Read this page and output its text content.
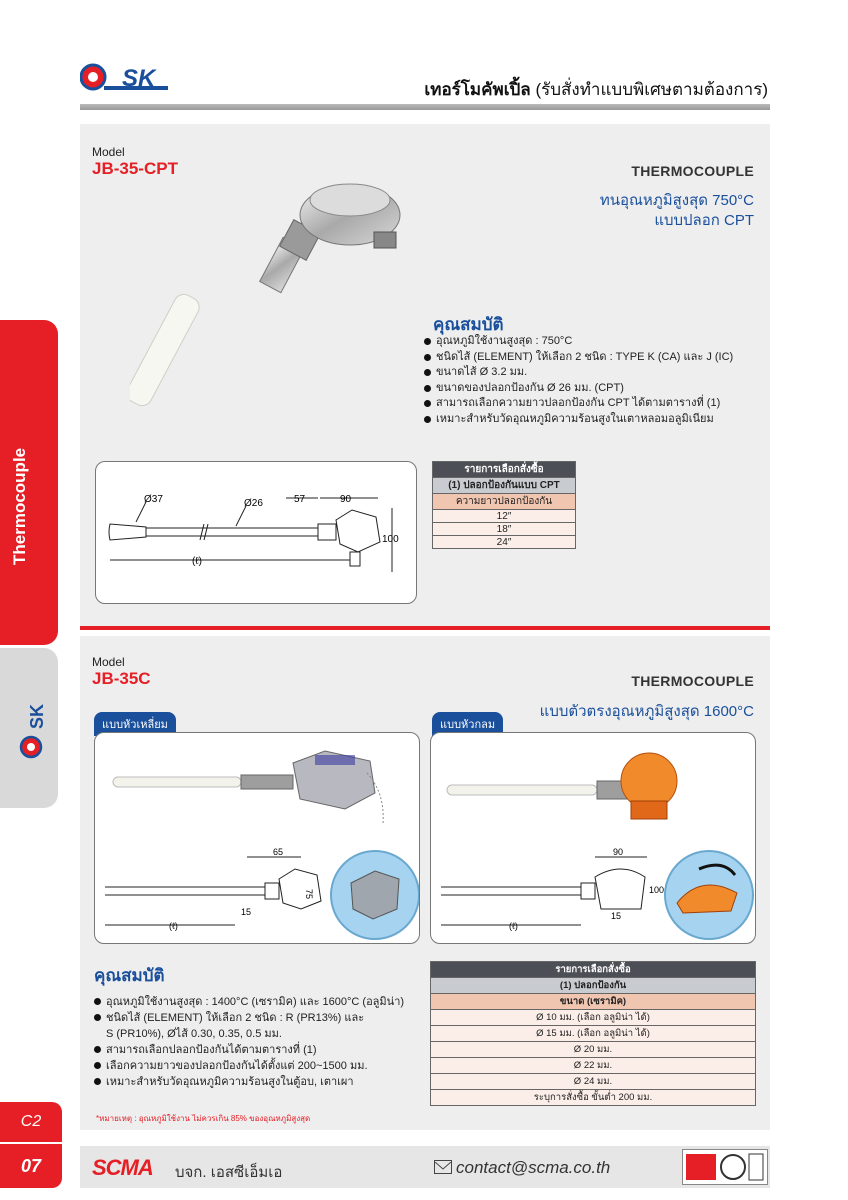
SK	เทอร์โมคัพเปิ้ล (รับสั่งทำแบบพิเศษตามต้องการ)
Thermocouple
SK
C2
07
Model
JB-35-CPT	THERMOCOUPLE
ทนอุณหภูมิสูงสุด 750°C
แบบปลอก CPT
คุณสมบัติ
อุณหภูมิใช้งานสูงสุด : 750°C
ชนิดไส้ (ELEMENT) ให้เลือก 2 ชนิด : TYPE K (CA) และ J (IC)
ขนาดไส้ Ø 3.2 มม.
ขนาดของปลอกป้องกัน Ø 26 มม. (CPT)
สามารถเลือกความยาวปลอกป้องกัน CPT ได้ตามตารางที่ (1)
เหมาะสำหรับวัดอุณหภูมิความร้อนสูงในเตาหลอมอลูมิเนียม
Ø37	Ø26	57	90
100
(ℓ)
รายการเลือกสั่งซื้อ
(1) ปลอกป้องกันแบบ CPT
ความยาวปลอกป้องกัน
12″
18″
24″
Model
JB-35C	THERMOCOUPLE
แบบตัวตรงอุณหภูมิสูงสุด 1600°C
แบบหัวเหลี่ยม	แบบหัวกลม
65
75
15
(ℓ)
90
100
15
(ℓ)
คุณสมบัติ
อุณหภูมิใช้งานสูงสุด : 1400°C (เซรามิค) และ 1600°C (อลูมิน่า)
ชนิดไส้ (ELEMENT) ให้เลือก 2 ชนิด : R (PR13%) และ
S (PR10%), Øไส้ 0.30, 0.35, 0.5 มม.
สามารถเลือกปลอกป้องกันได้ตามตารางที่ (1)
เลือกความยาวของปลอกป้องกันได้ตั้งแต่ 200~1500 มม.
เหมาะสำหรับวัดอุณหภูมิความร้อนสูงในตู้อบ, เตาเผา
รายการเลือกสั่งซื้อ
(1) ปลอกป้องกัน
ขนาด (เซรามิค)
Ø 10 มม. (เลือก อลูมิน่า ได้)
Ø 15 มม. (เลือก อลูมิน่า ได้)
Ø 20 มม.
Ø 22 มม.
Ø 24 มม.
ระบุการสั่งซื้อ ขั้นต่ำ 200 มม.
*หมายเหตุ : อุณหภูมิใช้งาน ไม่ควรเกิน 85% ของอุณหภูมิสูงสุด
SCMA บจก. เอสซีเอ็มเอ	contact@scma.co.th
